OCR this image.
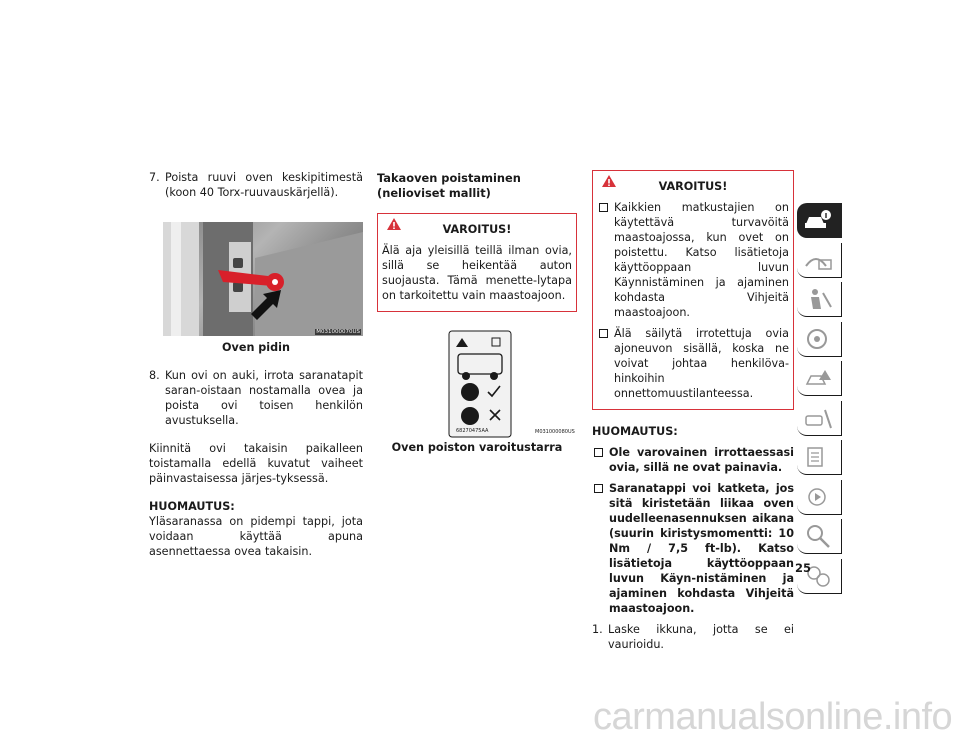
7. Poista ruuvi oven keskipitimestä (koon 40 Torx-ruuvauskärjellä).
M031000070US

Oven pidin

8. Kun ovi on auki, irrota saranatapit saran-oistaan nostamalla ovea ja poista ovi toisen henkilön avustuksella.

Kiinnitä ovi takaisin paikalleen toistamalla edellä kuvatut vaiheet päinvastaisessa järjes-tyksessä.

HUOMAUTUS:

Yläsaranassa on pidempi tappi, jota voidaan käyttää apuna asennettaessa ovea takaisin.

Takaoven poistaminen (nelioviset mallit)

VAROITUS!

Älä aja yleisillä teillä ilman ovia, sillä se heikentää auton suojausta. Tämä menette-lytapa on tarkoitettu vain maastoajoon.

68270475AA	M031000080US

Oven poiston varoitustarra

VAROITUS!
Kaikkien matkustajien on käytettävä turvavöitä maastoajossa, kun ovet on poistettu. Katso lisätietoja käyttöoppaan luvun Käynnistäminen ja ajaminen kohdasta Vihjeitä maastoajoon.
Älä säilytä irrotettuja ovia ajoneuvon sisällä, koska ne voivat johtaa henkilöva-hinkoihin onnettomuustilanteessa.

HUOMAUTUS:

Ole varovainen irrottaessasi ovia, sillä ne ovat painavia.
Saranatappi voi katketa, jos sitä kiristetään liikaa oven uudelleenasennuksen aikana (suurin kiristysmomentti: 10 Nm / 7,5 ft-lb). Katso lisätietoja käyttöoppaan luvun Käyn-nistäminen ja ajaminen kohdasta Vihjeitä maastoajoon.
1. Laske ikkuna, jotta se ei vaurioidu.
25
carmanualsonline.info
